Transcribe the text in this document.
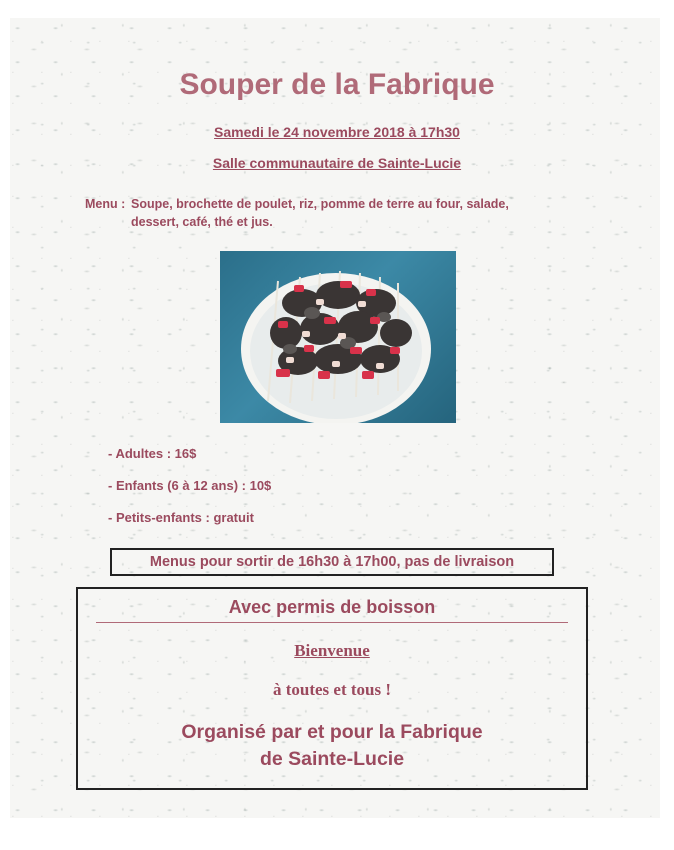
Souper de la Fabrique
Samedi le 24 novembre 2018 à 17h30
Salle communautaire de Sainte-Lucie
Menu : Soupe, brochette de poulet, riz, pomme de terre au four, salade, dessert, café, thé et jus.
- Adultes : 16$
- Enfants (6 à 12 ans) : 10$
- Petits-enfants : gratuit
Menus pour sortir de 16h30 à 17h00, pas de livraison
Avec permis de boisson
Bienvenue
à toutes et tous !
Organisé par et pour la Fabrique
de Sainte-Lucie
